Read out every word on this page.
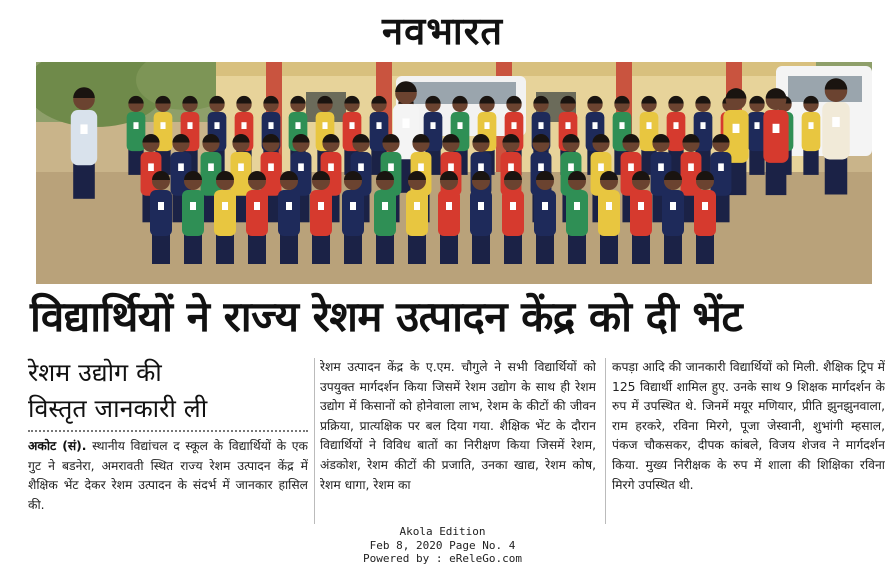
नवभारत
विद्यार्थियों ने राज्य रेशम उत्पादन केंद्र को दी भेंट
रेशम उद्योग की
विस्तृत जानकारी ली
अकोट (सं). स्थानीय विद्यांचल द स्कूल के विद्यार्थियों के एक गुट ने बडनेरा, अमरावती स्थित राज्य रेशम उत्पादन केंद्र में शैक्षिक भेंट देकर रेशम उत्पादन के संदर्भ में जानकार हासिल की.
रेशम उत्पादन केंद्र के ए.एम. चौगुले ने सभी विद्यार्थियों को उपयुक्त मार्गदर्शन किया जिसमें रेशम उद्योग के साथ ही रेशम उद्योग में किसानों को होनेवाला लाभ, रेशम के कीटों की जीवन प्रक्रिया, प्रात्यक्षिक पर बल दिया गया. शैक्षिक भेंट के दौरान विद्यार्थियों ने विविध बातों का निरीक्षण किया जिसमें रेशम, अंडकोश, रेशम कीटों की प्रजाति, उनका खाद्य, रेशम कोष, रेशम धागा, रेशम का
कपड़ा आदि की जानकारी विद्यार्थियों को मिली. शैक्षिक ट्रिप में 125 विद्यार्थी शामिल हुए. उनके साथ 9 शिक्षक मार्गदर्शन के रुप में उपस्थित थे. जिनमें मयूर मणियार, प्रीति झुनझुनवाला, राम हरकरे, रविना मिरगे, पूजा जेस्वानी, शुभांगी म्हसाल, पंकज चौकसकर, दीपक कांबले, विजय शेजव ने मार्गदर्शन किया. मुख्य निरीक्षक के रुप में शाला की शिक्षिका रविना मिरगे उपस्थित थी.
Akola Edition
Feb 8, 2020 Page No. 4
Powered by : eReleGo.com
